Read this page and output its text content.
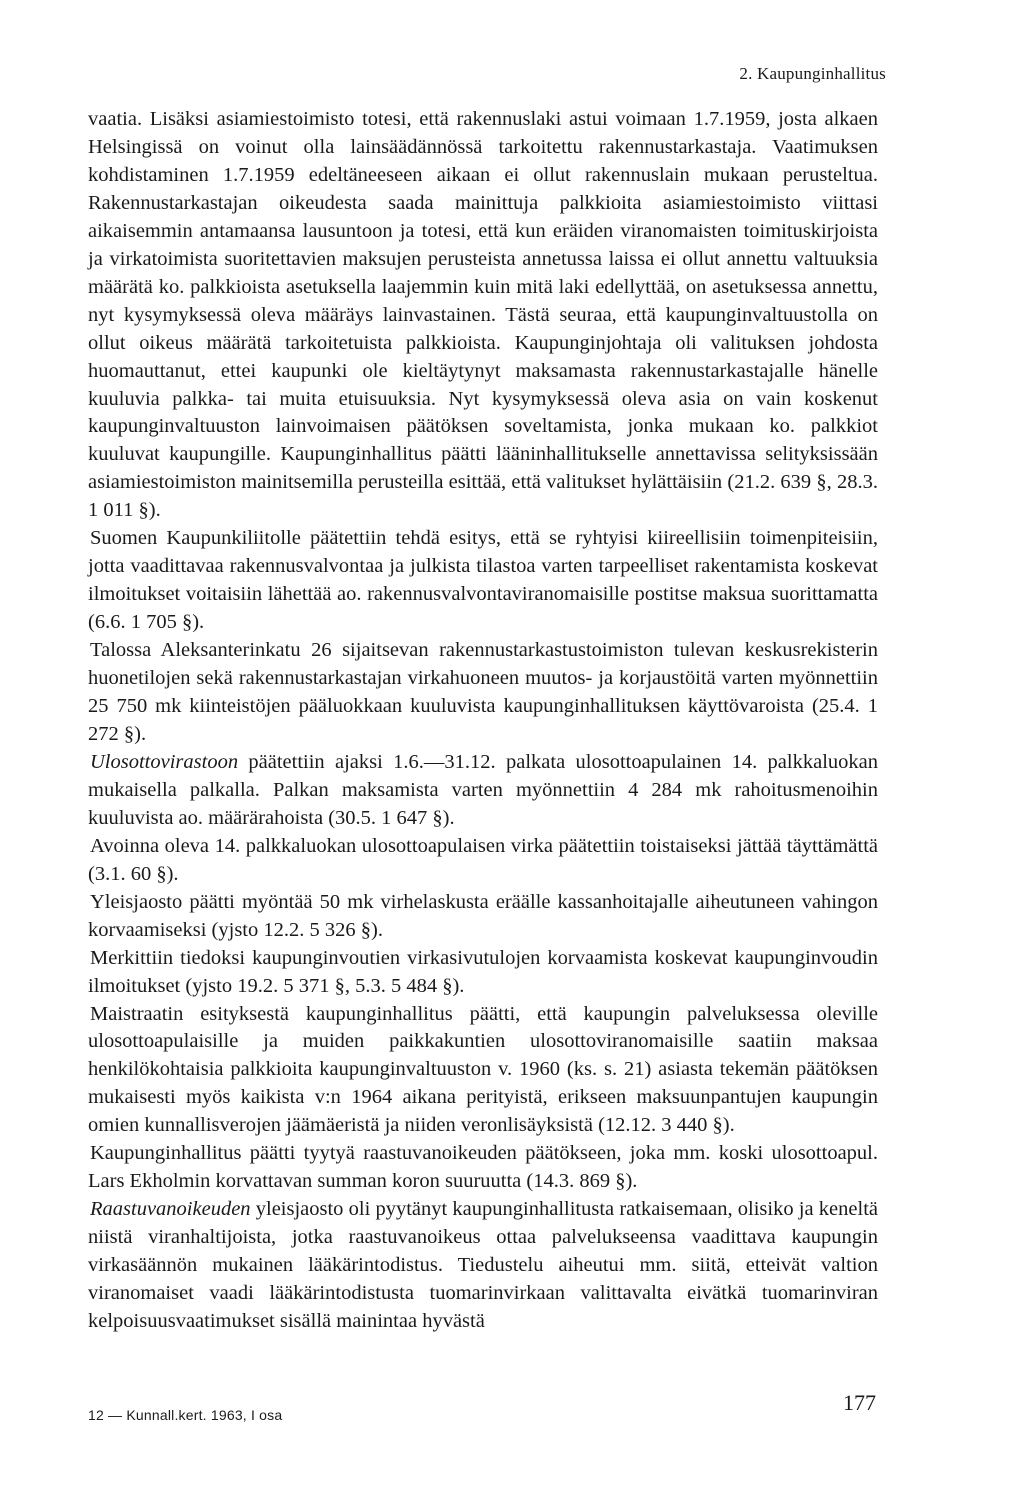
2. Kaupunginhallitus

vaatia. Lisäksi asiamiestoimisto totesi, että rakennuslaki astui voimaan 1.7.1959, josta alkaen Helsingissä on voinut olla lainsäädännössä tarkoitettu rakennustarkastaja. Vaatimuksen kohdistaminen 1.7.1959 edeltäneeseen aikaan ei ollut rakennuslain mukaan perusteltua. Rakennustarkastajan oikeudesta saada mainittuja palkkioita asiamiestoimisto viittasi aikaisemmin antamaansa lausuntoon ja totesi, että kun eräiden viranomaisten toimituskirjoista ja virkatoimista suoritettavien maksujen perusteista annetussa laissa ei ollut annettu valtuuksia määrätä ko. palkkioista asetuksella laajemmin kuin mitä laki edellyttää, on asetuksessa annettu, nyt kysymyksessä oleva määräys lainvastainen. Tästä seuraa, että kaupunginvaltuustolla on ollut oikeus määrätä tarkoitetuista palkkioista. Kaupunginjohtaja oli valituksen johdosta huomauttanut, ettei kaupunki ole kieltäytynyt maksamasta rakennustarkastajalle hänelle kuuluvia palkka- tai muita etuisuuksia. Nyt kysymyksessä oleva asia on vain koskenut kaupunginvaltuuston lainvoimaisen päätöksen soveltamista, jonka mukaan ko. palkkiot kuuluvat kaupungille. Kaupunginhallitus päätti lääninhallitukselle annettavissa selityksissään asiamiestoimiston mainitsemilla perusteilla esittää, että valitukset hylättäisiin (21.2. 639 §, 28.3. 1 011 §).

Suomen Kaupunkiliitolle päätettiin tehdä esitys, että se ryhtyisi kiireellisiin toimenpiteisiin, jotta vaadittavaa rakennusvalvontaa ja julkista tilastoa varten tarpeelliset rakentamista koskevat ilmoitukset voitaisiin lähettää ao. rakennusvalvontaviranomaisille postitse maksua suorittamatta (6.6. 1 705 §).

Talossa Aleksanterinkatu 26 sijaitsevan rakennustarkastustoimiston tulevan keskusrekisterin huonetilojen sekä rakennustarkastajan virkahuoneen muutos- ja korjaustöitä varten myönnettiin 25 750 mk kiinteistöjen pääluokkaan kuuluvista kaupunginhallituksen käyttövaroista (25.4. 1 272 §).

Ulosottovirastoon päätettiin ajaksi 1.6.—31.12. palkata ulosottoapulainen 14. palkkaluokan mukaisella palkalla. Palkan maksamista varten myönnettiin 4 284 mk rahoitusmenoihin kuuluvista ao. määrärahoista (30.5. 1 647 §).

Avoinna oleva 14. palkkaluokan ulosottoapulaisen virka päätettiin toistaiseksi jättää täyttämättä (3.1. 60 §).

Yleisjaosto päätti myöntää 50 mk virhelaskusta eräälle kassanhoitajalle aiheutuneen vahingon korvaamiseksi (yjsto 12.2. 5 326 §).

Merkittiin tiedoksi kaupunginvoutien virkasivutulojen korvaamista koskevat kaupunginvoudin ilmoitukset (yjsto 19.2. 5 371 §, 5.3. 5 484 §).

Maistraatin esityksestä kaupunginhallitus päätti, että kaupungin palveluksessa oleville ulosottoapulaisille ja muiden paikkakuntien ulosottoviranomaisille saatiin maksaa henkilökohtaisia palkkioita kaupunginvaltuuston v. 1960 (ks. s. 21) asiasta tekemän päätöksen mukaisesti myös kaikista v:n 1964 aikana perityistä, erikseen maksuunpantujen kaupungin omien kunnallisverojen jäämäeristä ja niiden veronlisäyksistä (12.12. 3 440 §).

Kaupunginhallitus päätti tyytyä raastuvanoikeuden päätökseen, joka mm. koski ulosottoapul. Lars Ekholmin korvattavan summan koron suuruutta (14.3. 869 §).

Raastuvanoikeuden yleisjaosto oli pyytänyt kaupunginhallitusta ratkaisemaan, olisiko ja keneltä niistä viranhaltijoista, jotka raastuvanoikeus ottaa palvelukseensa vaadittava kaupungin virkasäännön mukainen lääkärintodistus. Tiedustelu aiheutui mm. siitä, etteivät valtion viranomaiset vaadi lääkärintodistusta tuomarinvirkaan valittavalta eivätkä tuomarinviran kelpoisuusvaatimukset sisällä mainintaa hyvästä

12 — Kunnall.kert. 1963, I osa	177
